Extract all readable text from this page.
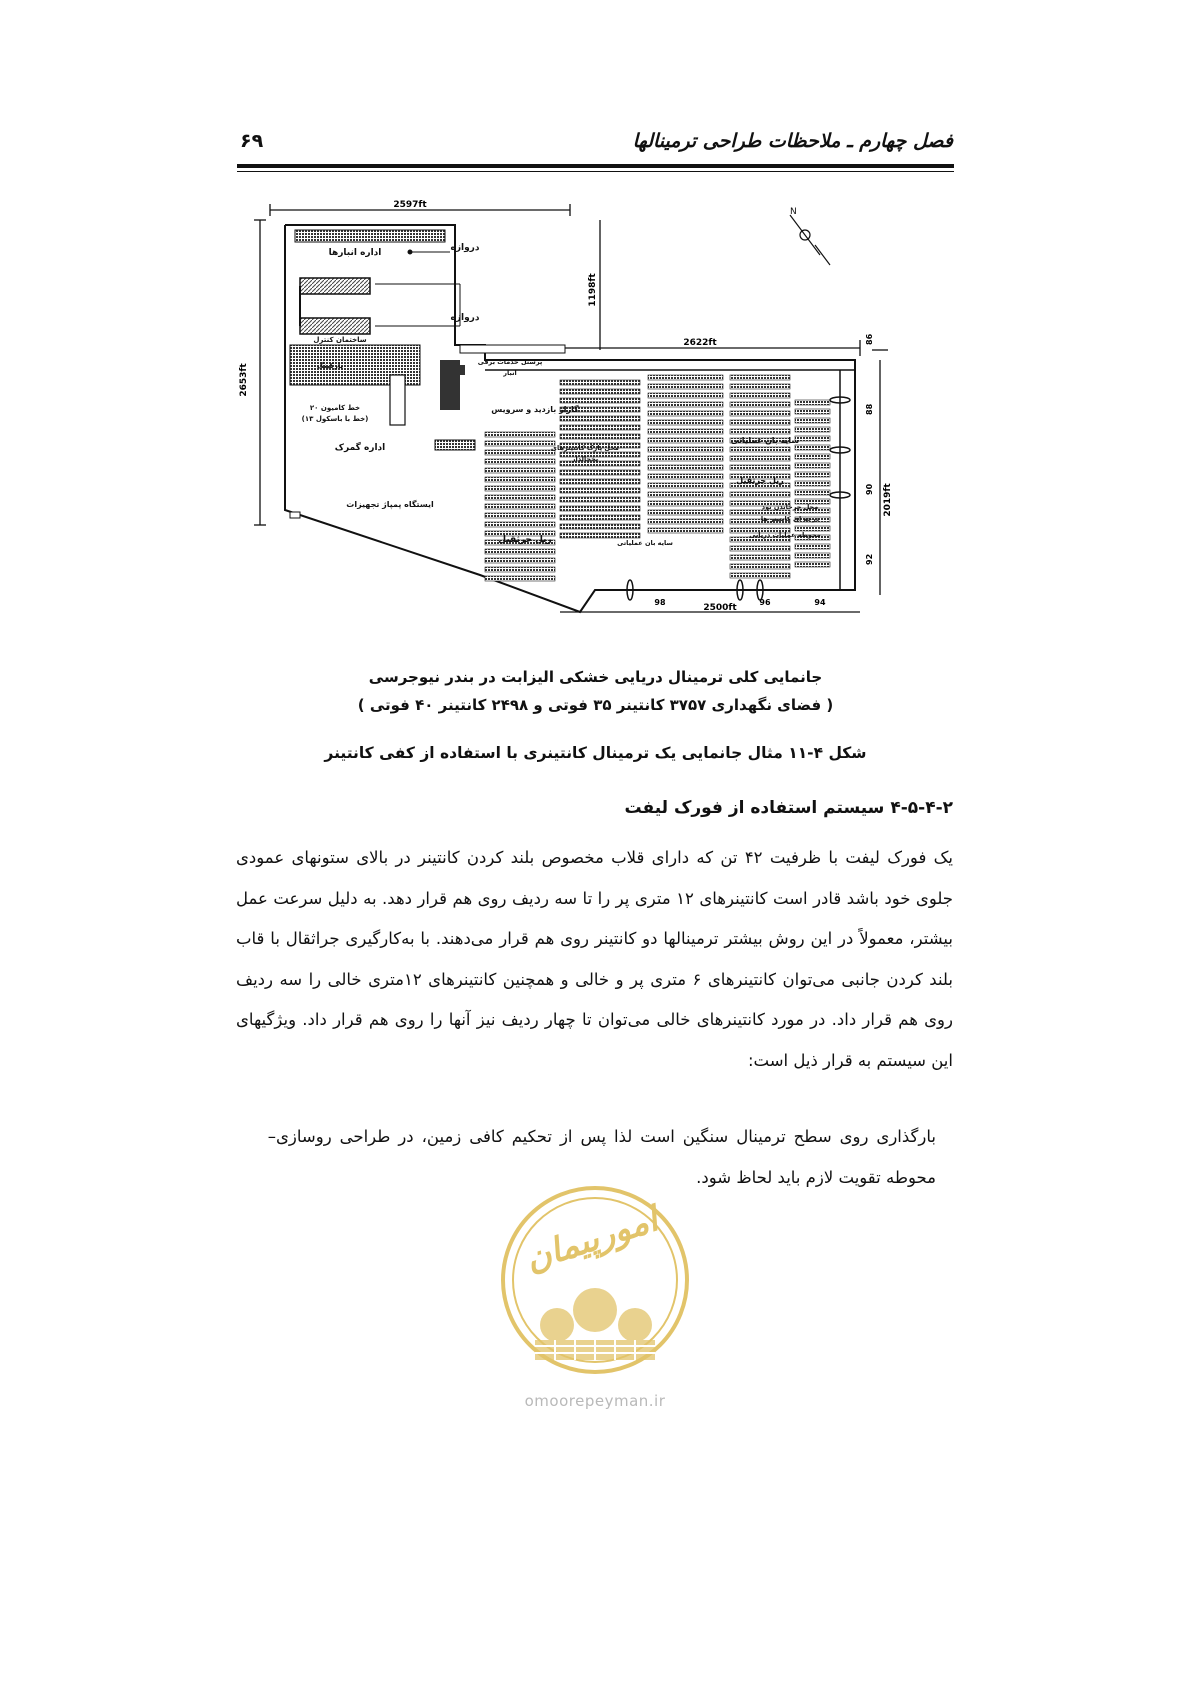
فصل چهارم ـ ملاحظات طراحی ترمینالها
۶۹
2597ft
2653ft
1198ft
2622ft
2019ft
2500ft
86
88
90
92
98	96	94
N
دروازه
دروازه
اداره انبارها
ساختمان کنترل
پارکینگ
۲۰ خط کامیون
(۱۳ خط با باسکول)
اداره گمرک
ایستگاه پمپاژ تجهیزات
پرسنل خدمات برقی
انبار
گاراژ بازدید و سرویس
محل پارک کانتینرهای
یخچالدار
سایه بان عملیاتی
ریل جرثقیل
محل چرخاندن نود
درجه ای کانتینر ها
محوطه عملیات دریایی
ریل جرثقیل	سایه بان عملیاتی
جانمایی کلی ترمینال دریایی خشکی الیزابت در بندر نیوجرسی
( فضای نگهداری ۳۷۵۷ کانتینر ۳۵ فوتی و ۲۴۹۸ کانتینر ۴۰ فوتی )
شکل ۴-۱۱ مثال جانمایی یک ترمینال کانتینری با استفاده از کفی کانتینر
۴-۵-۴-۲ سیستم استفاده از فورک لیفت
یک فورک لیفت با ظرفیت ۴۲ تن که دارای قلاب مخصوص بلند کردن کانتینر در بالای ستونهای عمودی جلوی خود باشد قادر است کانتینرهای ۱۲ متری پر را تا سه ردیف روی هم قرار دهد. به دلیل سرعت عمل بیشتر، معمولاً در این روش بیشتر ترمینالها دو کانتینر روی هم قرار می‌دهند. با به‌کارگیری جراثقال با قاب بلند کردن جانبی می‌توان کانتینرهای ۶ متری پر و خالی و همچنین کانتینرهای ۱۲متری خالی را سه ردیف روی هم قرار داد. در مورد کانتینرهای خالی می‌توان تا چهار ردیف نیز آنها را روی هم قرار داد. ویژگیهای این سیستم به قرار ذیل است:
–بارگذاری روی سطح ترمینال سنگین است لذا پس از تحکیم کافی زمین، در طراحی روسازی محوطه تقویت لازم باید لحاظ شود.
امورپیمان
omoorepeyman.ir
